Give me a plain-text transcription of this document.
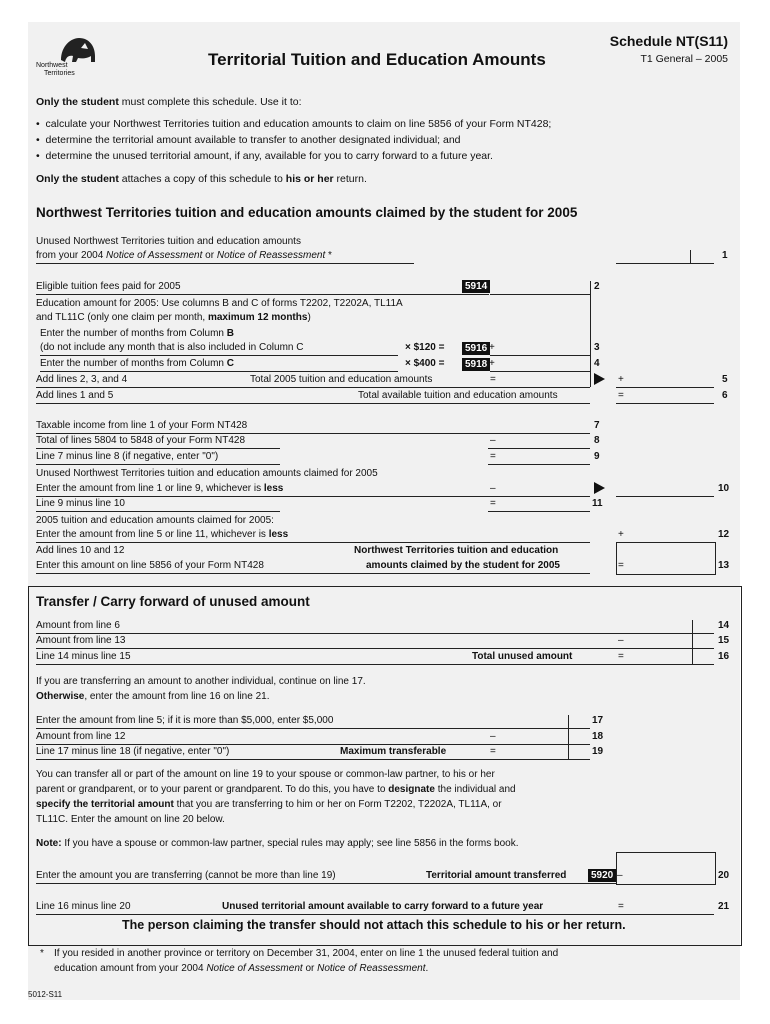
Northwest
Territories
Territorial Tuition and Education Amounts
Schedule NT(S11)
T1 General – 2005
Only the student must complete this schedule. Use it to:
•  calculate your Northwest Territories tuition and education amounts to claim on line 5856 of your Form NT428;
•  determine the territorial amount available to transfer to another designated individual; and
•  determine the unused territorial amount, if any, available for you to carry forward to a future year.
Only the student attaches a copy of this schedule to his or her return.
Northwest Territories tuition and education amounts claimed by the student for 2005
Unused Northwest Territories tuition and education amounts
from your 2004 Notice of Assessment or Notice of Reassessment *	1
Eligible tuition fees paid for 2005	5914	2
Education amount for 2005: Use columns B and C of forms T2202, T2202A, TL11A
and TL11C (only one claim per month, maximum 12 months)
Enter the number of months from Column B
(do not include any month that is also included in Column C	× $120 =	5916 +	3
Enter the number of months from Column C	× $400 =	5918 +	4
Add lines 2, 3, and 4	Total 2005 tuition and education amounts	=	+	5
Add lines 1 and 5	Total available tuition and education amounts	=	6
Taxable income from line 1 of your Form NT428	7
Total of lines 5804 to 5848 of your Form NT428	–	8
Line 7 minus line 8 (if negative, enter "0")	=	9
Unused Northwest Territories tuition and education amounts claimed for 2005
Enter the amount from line 1 or line 9, whichever is less	–	10
Line 9 minus line 10	=	11
2005 tuition and education amounts claimed for 2005:
Enter the amount from line 5 or line 11, whichever is less	+	12
Add lines 10 and 12
Enter this amount on line 5856 of your Form NT428
Northwest Territories tuition and education
amounts claimed by the student for 2005	=	13
Transfer / Carry forward of unused amount
Amount from line 6	14
Amount from line 13	–	15
Line 14 minus line 15	Total unused amount	=	16
If you are transferring an amount to another individual, continue on line 17.
Otherwise, enter the amount from line 16 on line 21.
Enter the amount from line 5; if it is more than $5,000, enter $5,000	17
Amount from line 12	–	18
Line 17 minus line 18 (if negative, enter "0")	Maximum transferable	=	19
You can transfer all or part of the amount on line 19 to your spouse or common-law partner, to his or her
parent or grandparent, or to your parent or grandparent. To do this, you have to designate the individual and
specify the territorial amount that you are transferring to him or her on Form T2202, T2202A, TL11A, or
TL11C. Enter the amount on line 20 below.
Note: If you have a spouse or common-law partner, special rules may apply; see line 5856 in the forms book.
Enter the amount you are transferring (cannot be more than line 19)	Territorial amount transferred	5920 –	20
Line 16 minus line 20	Unused territorial amount available to carry forward to a future year	=	21
The person claiming the transfer should not attach this schedule to his or her return.
* If you resided in another province or territory on December 31, 2004, enter on line 1 the unused federal tuition and
education amount from your 2004 Notice of Assessment or Notice of Reassessment.
5012-S11
